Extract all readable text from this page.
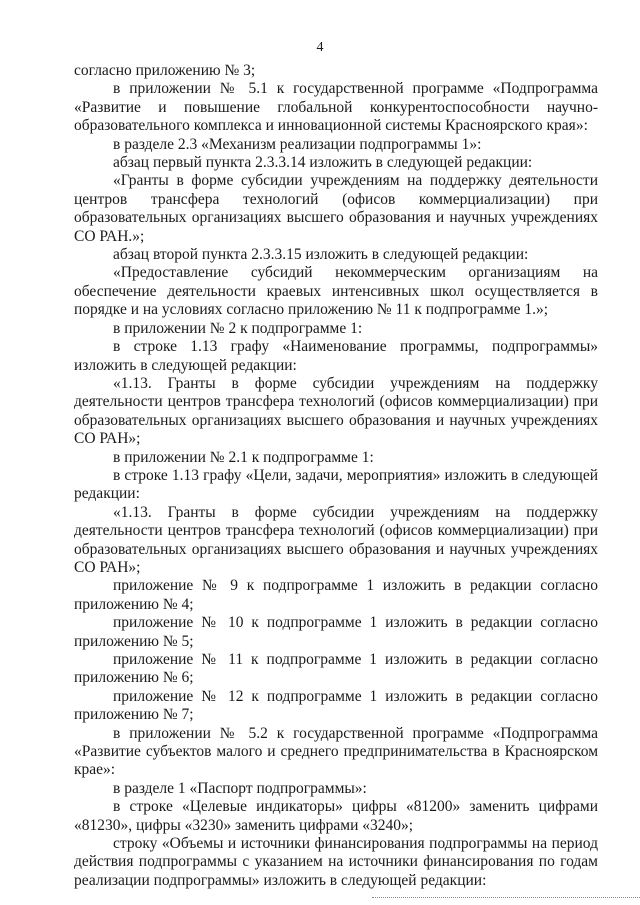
4

согласно приложению № 3;

в приложении № 5.1 к государственной программе «Подпрограмма «Развитие и повышение глобальной конкурентоспособности научно-образовательного комплекса и инновационной системы Красноярского края»:

в разделе 2.3 «Механизм реализации подпрограммы 1»:

абзац первый пункта 2.3.3.14 изложить в следующей редакции:

«Гранты в форме субсидии учреждениям на поддержку деятельности центров трансфера технологий (офисов коммерциализации) при образовательных организациях высшего образования и научных учреждениях СО РАН.»;

абзац второй пункта 2.3.3.15 изложить в следующей редакции:

«Предоставление субсидий некоммерческим организациям на обеспечение деятельности краевых интенсивных школ осуществляется в порядке и на условиях согласно приложению № 11 к подпрограмме 1.»;

в приложении № 2 к подпрограмме 1:

в строке 1.13 графу «Наименование программы, подпрограммы» изложить в следующей редакции:

«1.13. Гранты в форме субсидии учреждениям на поддержку деятельности центров трансфера технологий (офисов коммерциализации) при образовательных организациях высшего образования и научных учреждениях СО РАН»;

в приложении № 2.1 к подпрограмме 1:

в строке 1.13 графу «Цели, задачи, мероприятия» изложить в следующей редакции:

«1.13. Гранты в форме субсидии учреждениям на поддержку деятельности центров трансфера технологий (офисов коммерциализации) при образовательных организациях высшего образования и научных учреждениях СО РАН»;

приложение № 9 к подпрограмме 1 изложить в редакции согласно приложению № 4;

приложение № 10 к подпрограмме 1 изложить в редакции согласно приложению № 5;

приложение № 11 к подпрограмме 1 изложить в редакции согласно приложению № 6;

приложение № 12 к подпрограмме 1 изложить в редакции согласно приложению № 7;

в приложении № 5.2 к государственной программе «Подпрограмма «Развитие субъектов малого и среднего предпринимательства в Красноярском крае»:

в разделе 1 «Паспорт подпрограммы»:

в строке «Целевые индикаторы» цифры «81200» заменить цифрами «81230», цифры «3230» заменить цифрами «3240»;

строку «Объемы и источники финансирования подпрограммы на период действия подпрограммы с указанием на источники финансирования по годам реализации подпрограммы» изложить в следующей редакции:
